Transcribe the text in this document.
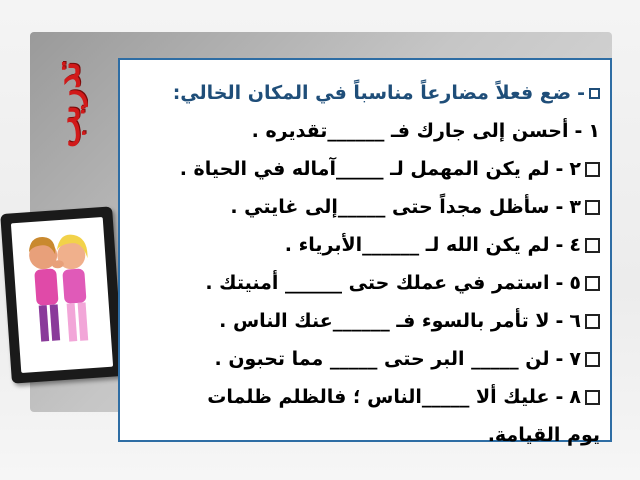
تدريب	-
ضع فعلاً مضارعاً مناسباً في المكان الخالي:
١
-
أحسن إلى جارك فـ ______تقديره .
٢
-
لم يكن المهمل لـ _____آماله في الحياة .
٣
-
سأظل مجداً حتى _____إلى غايتي .
٤
-
لم يكن الله لـ ______الأبرياء .
٥
-
استمر في عملك حتى ______ أمنيتك .
٦
-
لا تأمر بالسوء فـ ______عنك الناس .
٧
-
لن _____ البر حتى _____ مما تحبون .
٨
-
عليك ألا _____الناس ؛ فالظلم ظلمات
يوم القيامة.
